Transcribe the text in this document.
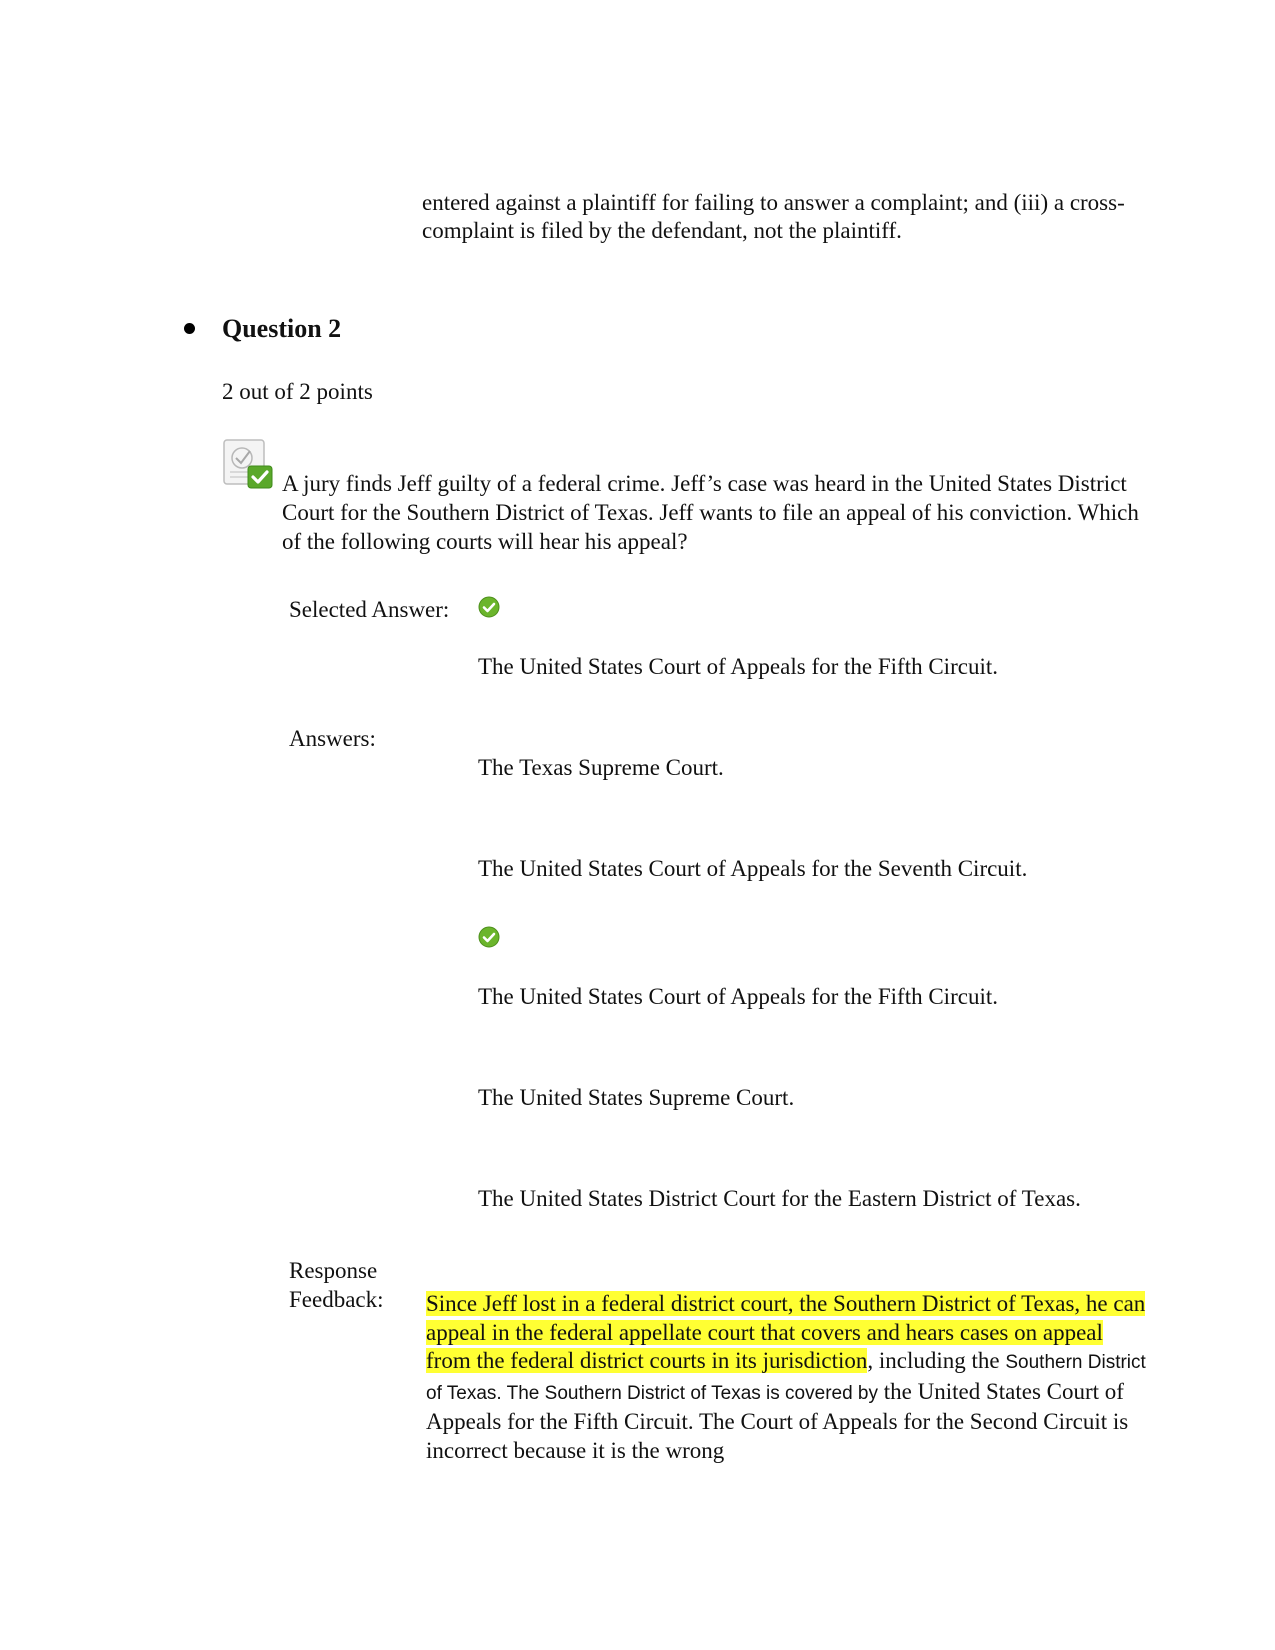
entered against a plaintiff for failing to answer a complaint; and (iii) a cross-complaint is filed by the defendant, not the plaintiff.
Question 2
2 out of 2 points
A jury finds Jeff guilty of a federal crime. Jeff’s case was heard in the United States District Court for the Southern District of Texas. Jeff wants to file an appeal of his conviction. Which of the following courts will hear his appeal?
Selected Answer:
The United States Court of Appeals for the Fifth Circuit.
Answers:
The Texas Supreme Court.
The United States Court of Appeals for the Seventh Circuit.
The United States Court of Appeals for the Fifth Circuit.
The United States Supreme Court.
The United States District Court for the Eastern District of Texas.
Response
Feedback: Since Jeff lost in a federal district court, the Southern District of Texas, he can appeal in the federal appellate court that covers and hears cases on appeal from the federal district courts in its jurisdiction, including the Southern District of Texas. The Southern District of Texas is covered by the United States Court of Appeals for the Fifth Circuit. The Court of Appeals for the Second Circuit is incorrect because it is the wrong
